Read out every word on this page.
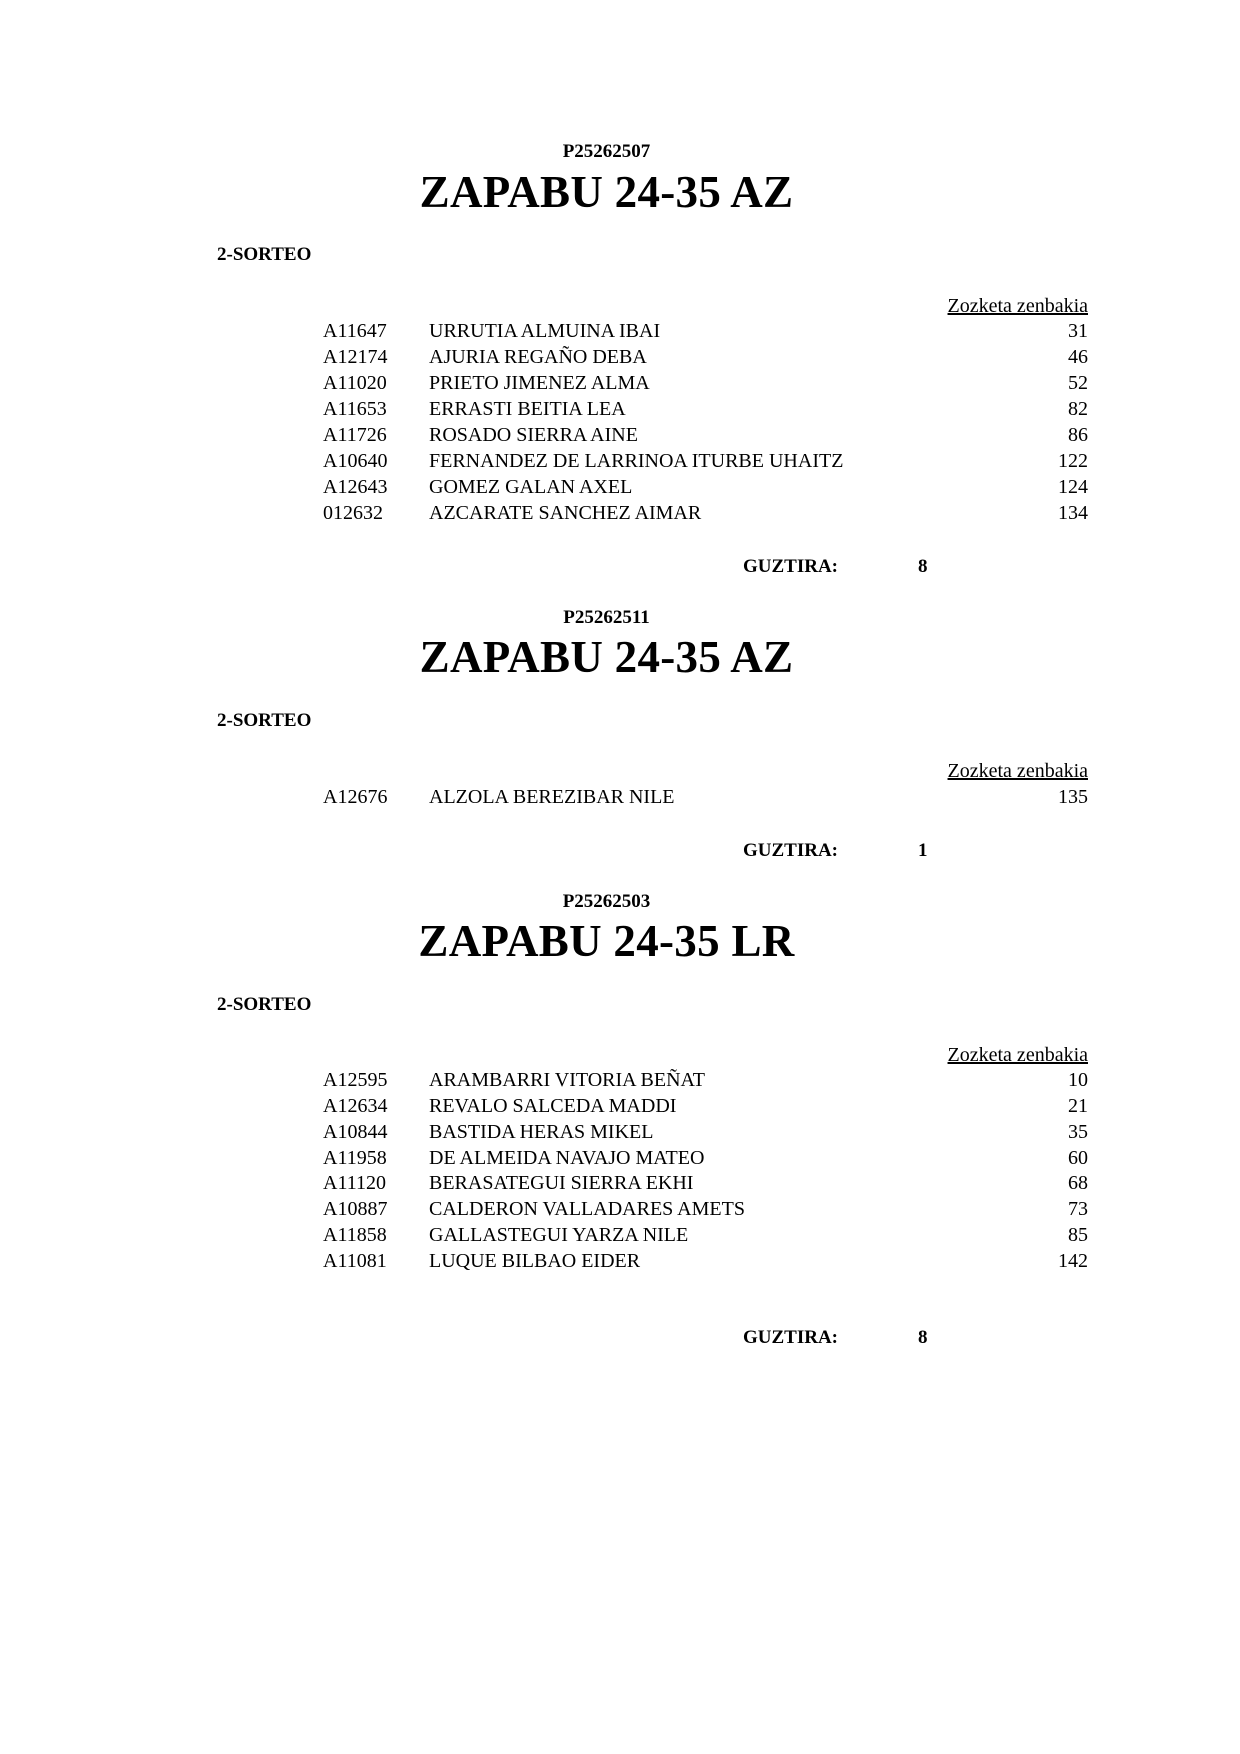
P25262507
ZAPABU 24-35 AZ
2-SORTEO
Zozketa zenbakia
A11647 URRUTIA ALMUINA IBAI	31
A12174 AJURIA REGAÑO DEBA	46
A11020 PRIETO JIMENEZ ALMA	52
A11653 ERRASTI BEITIA LEA	82
A11726 ROSADO SIERRA AINE	86
A10640 FERNANDEZ DE LARRINOA ITURBE UHAITZ	122
A12643 GOMEZ GALAN AXEL	124
012632 AZCARATE SANCHEZ AIMAR	134
GUZTIRA:	8
P25262511
ZAPABU 24-35 AZ
2-SORTEO
Zozketa zenbakia
A12676 ALZOLA BEREZIBAR NILE	135
GUZTIRA:	1
P25262503
ZAPABU 24-35 LR
2-SORTEO
Zozketa zenbakia
A12595 ARAMBARRI VITORIA BEÑAT	10
A12634 REVALO SALCEDA MADDI	21
A10844 BASTIDA HERAS MIKEL	35
A11958 DE ALMEIDA NAVAJO MATEO	60
A11120 BERASATEGUI SIERRA EKHI	68
A10887 CALDERON VALLADARES AMETS	73
A11858 GALLASTEGUI YARZA NILE	85
A11081 LUQUE BILBAO EIDER	142
GUZTIRA:	8
